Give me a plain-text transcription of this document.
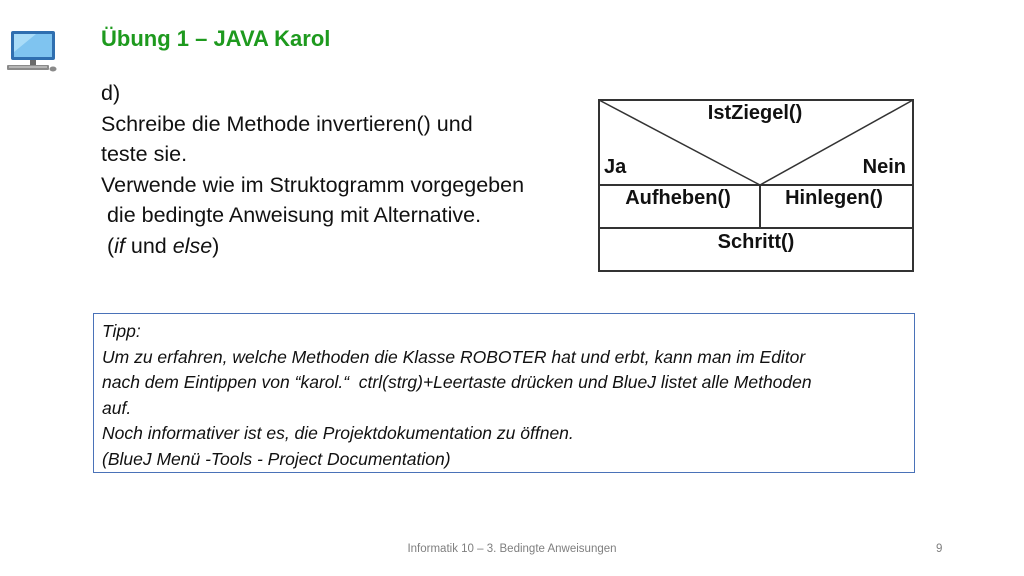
Übung 1 – JAVA Karol
d)
Schreibe die Methode invertieren() und
teste sie.
Verwende wie im Struktogramm vorgegeben
die bedingte Anweisung mit Alternative.
(if und else)
IstZiegel()
Ja	Nein
Aufheben()	Hinlegen()
Schritt()
Tipp:
Um zu erfahren, welche Methoden die Klasse ROBOTER hat und erbt, kann man im Editor
nach dem Eintippen von “karol.“  ctrl(strg)+Leertaste drücken und BlueJ listet alle Methoden
auf.
Noch informativer ist es, die Projektdokumentation zu öffnen.
(BlueJ Menü -Tools - Project Documentation)
Informatik 10 – 3. Bedingte Anweisungen	9
